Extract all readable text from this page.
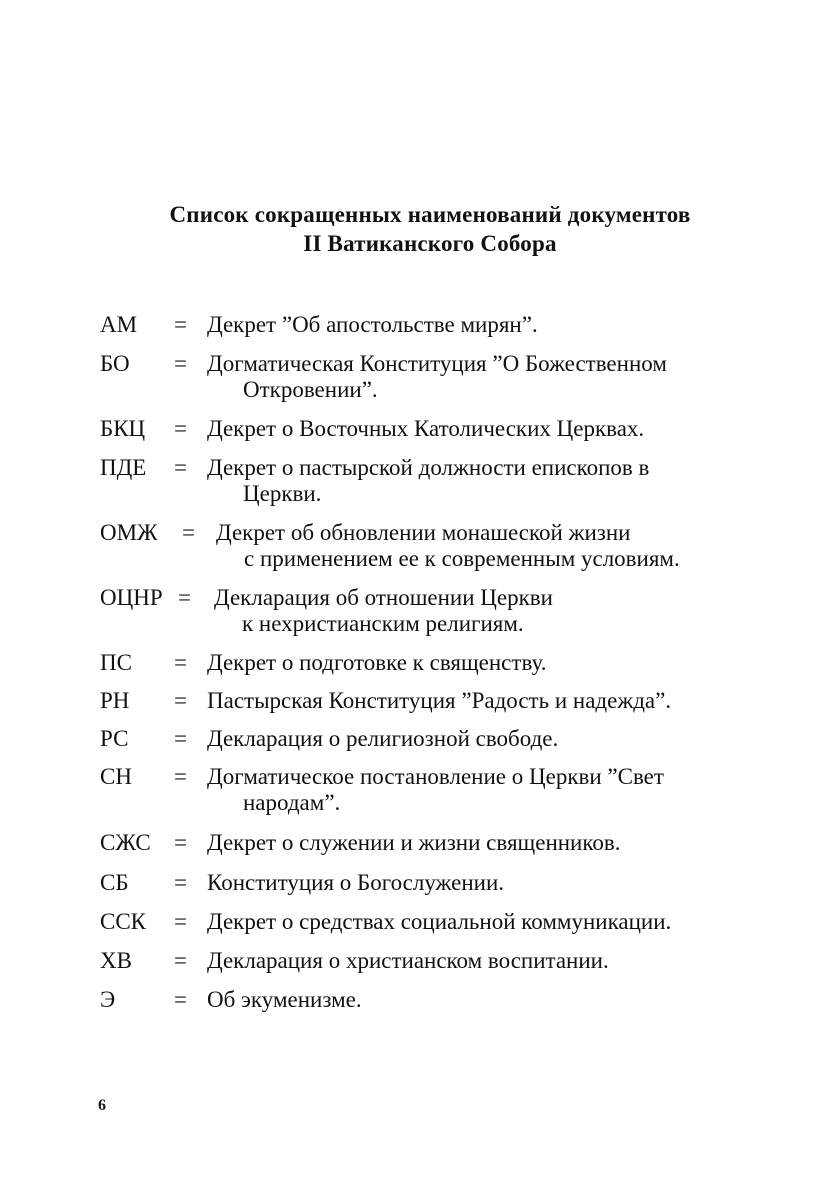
Список сокращенных наименований документов
II Ватиканского Собора
АМ = Декрет ”Об апостольстве мирян”.
БО = Догматическая Конституция ”О Божественном
Откровении”.
БКЦ = Декрет о Восточных Католических Церквах.
ПДЕ = Декрет о пастырской должности епископов в
Церкви.
ОМЖ = Декрет об обновлении монашеской жизни
с применением ее к современным условиям.
ОЦНР = Декларация об отношении Церкви
к нехристианским религиям.
ПС = Декрет о подготовке к священству.
РН = Пастырская Конституция ”Радость и надежда”.
РС = Декларация о религиозной свободе.
СН = Догматическое постановление о Церкви ”Свет
народам”.
СЖС = Декрет о служении и жизни священников.
СБ = Конституция о Богослужении.
ССК = Декрет о средствах социальной коммуникации.
ХВ = Декларация о христианском воспитании.
Э	= Об экуменизме.
6
